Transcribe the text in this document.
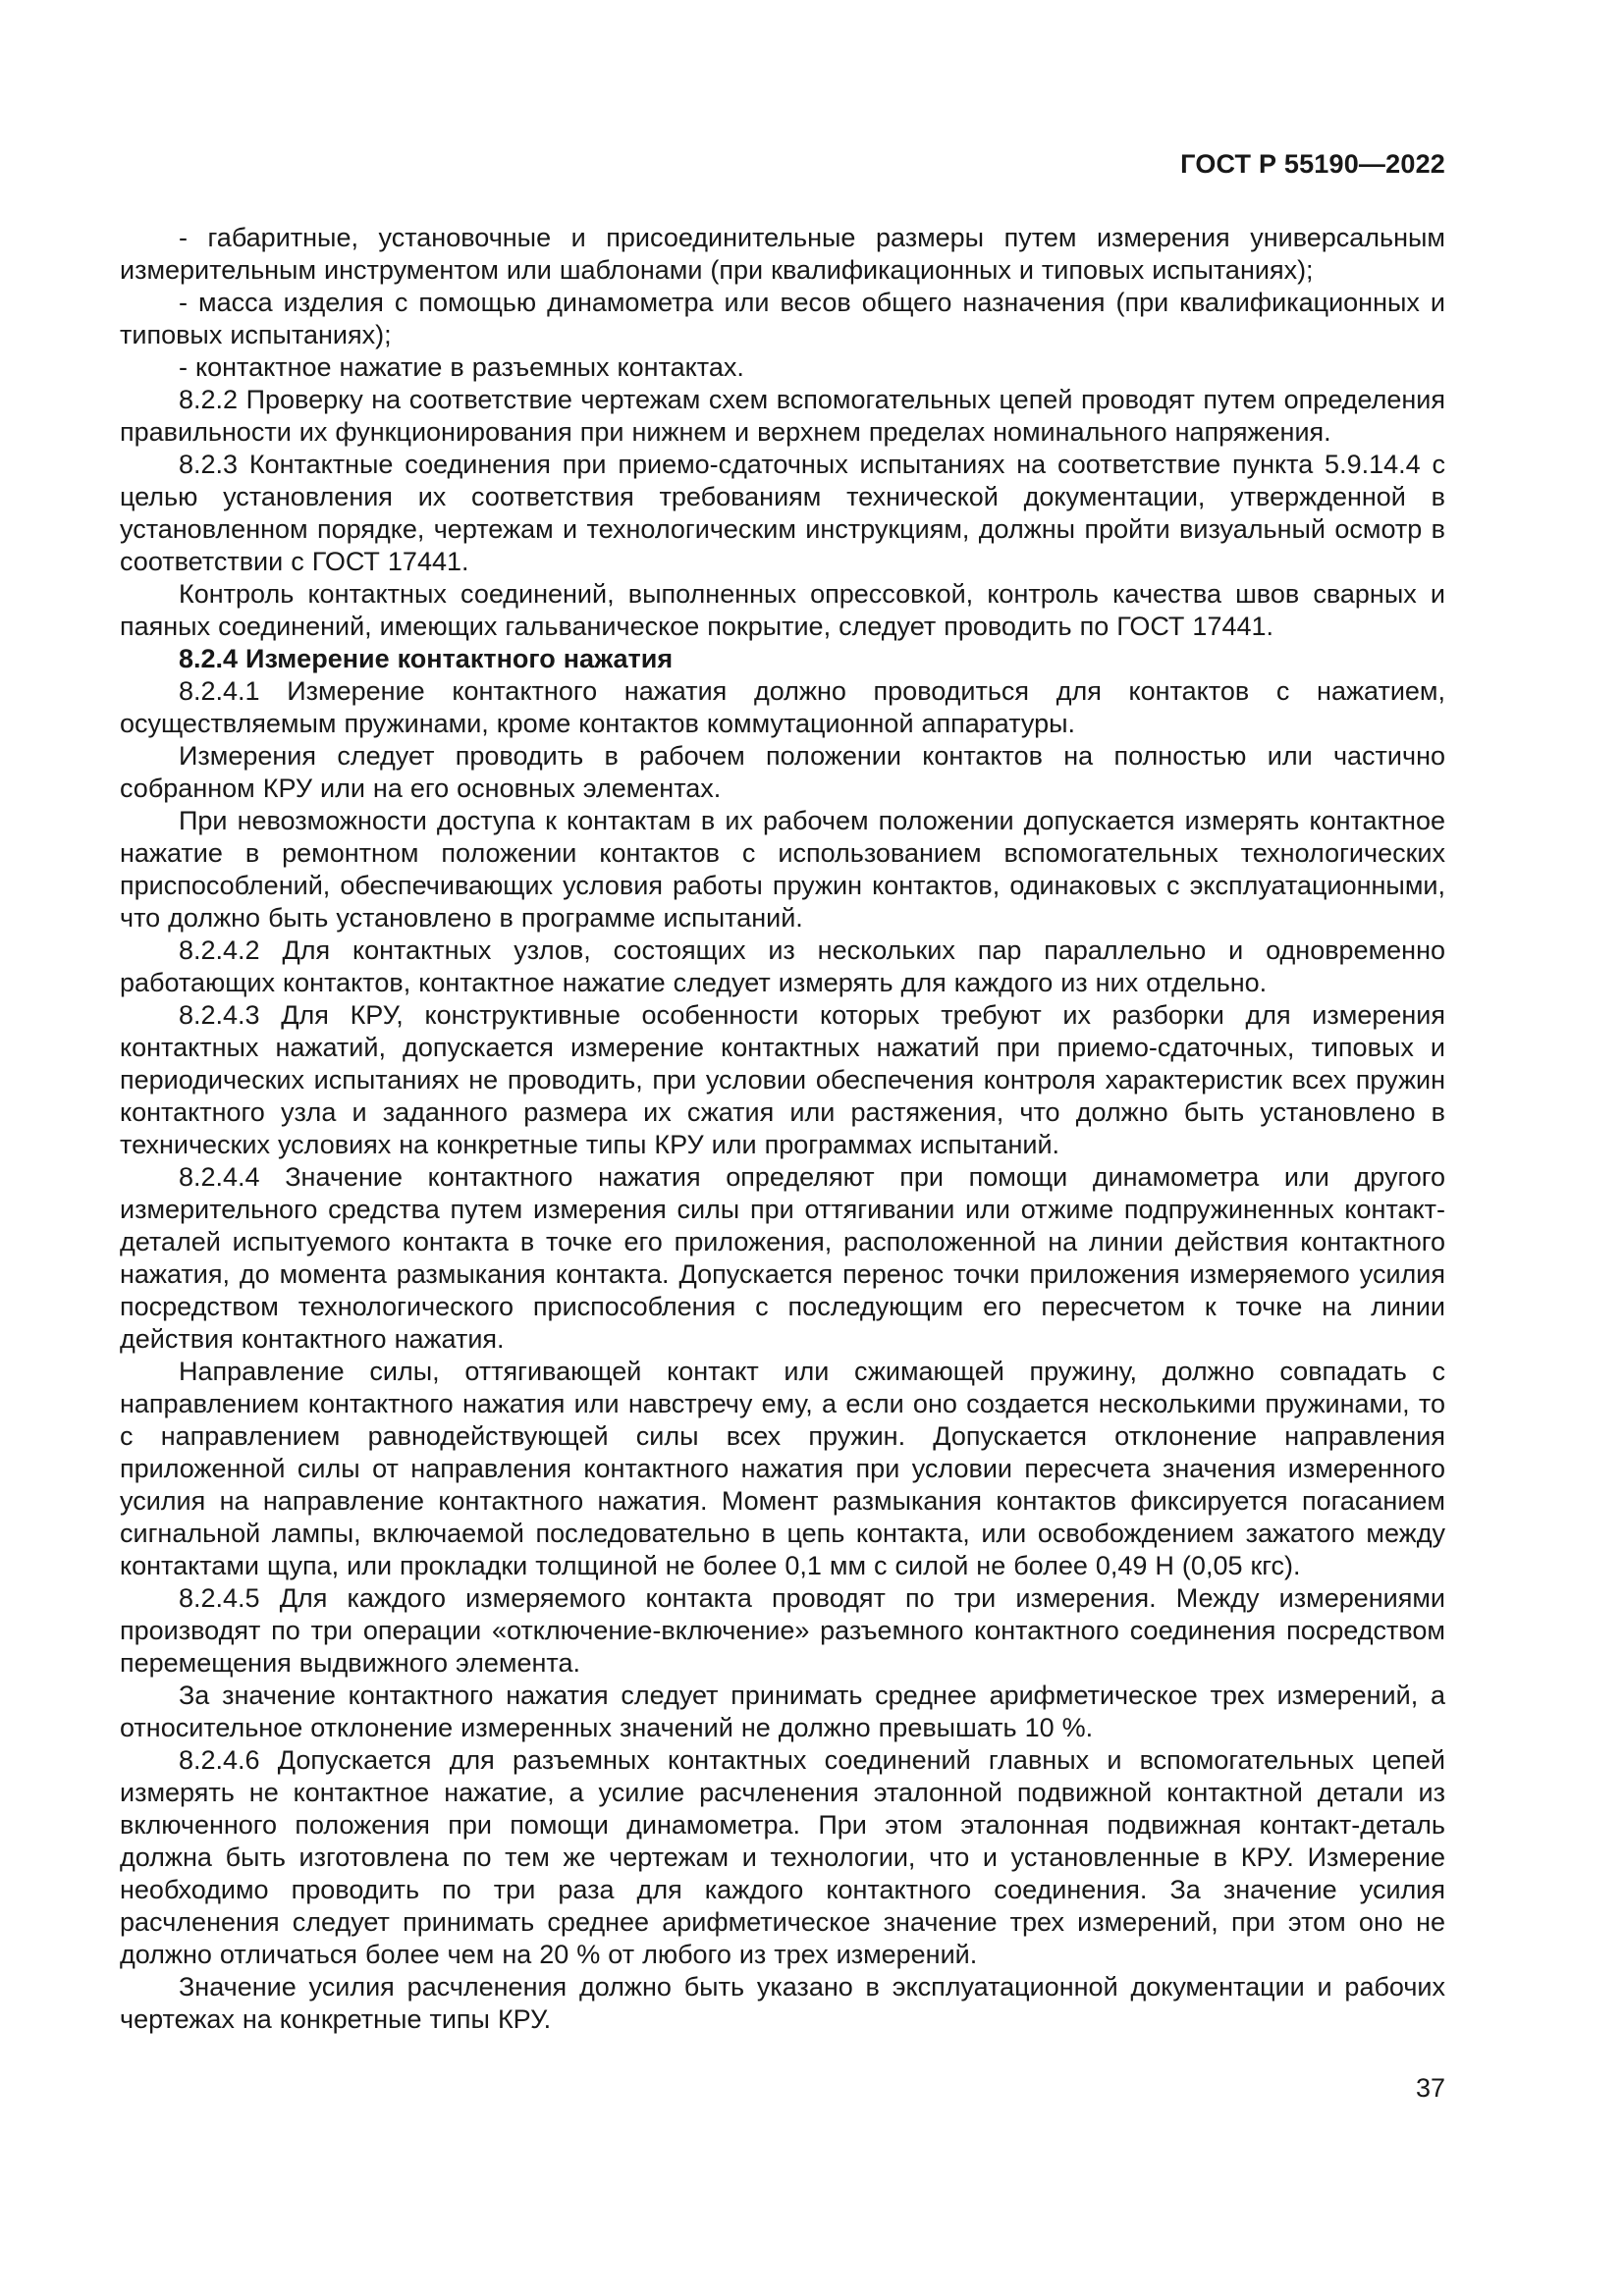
ГОСТ Р 55190—2022

- габаритные, установочные и присоединительные размеры путем измерения универсальным измерительным инструментом или шаблонами (при квалификационных и типовых испытаниях);

- масса изделия с помощью динамометра или весов общего назначения (при квалификационных и типовых испытаниях);

- контактное нажатие в разъемных контактах.

8.2.2 Проверку на соответствие чертежам схем вспомогательных цепей проводят путем определения правильности их функционирования при нижнем и верхнем пределах номинального напряжения.

8.2.3 Контактные соединения при приемо-сдаточных испытаниях на соответствие пункта 5.9.14.4 с целью установления их соответствия требованиям технической документации, утвержденной в установленном порядке, чертежам и технологическим инструкциям, должны пройти визуальный осмотр в соответствии с ГОСТ 17441.

Контроль контактных соединений, выполненных опрессовкой, контроль качества швов сварных и паяных соединений, имеющих гальваническое покрытие, следует проводить по ГОСТ 17441.

8.2.4 Измерение контактного нажатия

8.2.4.1 Измерение контактного нажатия должно проводиться для контактов с нажатием, осуществляемым пружинами, кроме контактов коммутационной аппаратуры.

Измерения следует проводить в рабочем положении контактов на полностью или частично собранном КРУ или на его основных элементах.

При невозможности доступа к контактам в их рабочем положении допускается измерять контактное нажатие в ремонтном положении контактов с использованием вспомогательных технологических приспособлений, обеспечивающих условия работы пружин контактов, одинаковых с эксплуатационными, что должно быть установлено в программе испытаний.

8.2.4.2 Для контактных узлов, состоящих из нескольких пар параллельно и одновременно работающих контактов, контактное нажатие следует измерять для каждого из них отдельно.

8.2.4.3 Для КРУ, конструктивные особенности которых требуют их разборки для измерения контактных нажатий, допускается измерение контактных нажатий при приемо-сдаточных, типовых и периодических испытаниях не проводить, при условии обеспечения контроля характеристик всех пружин контактного узла и заданного размера их сжатия или растяжения, что должно быть установлено в технических условиях на конкретные типы КРУ или программах испытаний.

8.2.4.4 Значение контактного нажатия определяют при помощи динамометра или другого измерительного средства путем измерения силы при оттягивании или отжиме подпружиненных контакт-деталей испытуемого контакта в точке его приложения, расположенной на линии действия контактного нажатия, до момента размыкания контакта. Допускается перенос точки приложения измеряемого усилия посредством технологического приспособления с последующим его пересчетом к точке на линии действия контактного нажатия.

Направление силы, оттягивающей контакт или сжимающей пружину, должно совпадать с направлением контактного нажатия или навстречу ему, а если оно создается несколькими пружинами, то с направлением равнодействующей силы всех пружин. Допускается отклонение направления приложенной силы от направления контактного нажатия при условии пересчета значения измеренного усилия на направление контактного нажатия. Момент размыкания контактов фиксируется погасанием сигнальной лампы, включаемой последовательно в цепь контакта, или освобождением зажатого между контактами щупа, или прокладки толщиной не более 0,1 мм с силой не более 0,49 Н (0,05 кгс).

8.2.4.5 Для каждого измеряемого контакта проводят по три измерения. Между измерениями производят по три операции «отключение-включение» разъемного контактного соединения посредством перемещения выдвижного элемента.

За значение контактного нажатия следует принимать среднее арифметическое трех измерений, а относительное отклонение измеренных значений не должно превышать 10 %.

8.2.4.6 Допускается для разъемных контактных соединений главных и вспомогательных цепей измерять не контактное нажатие, а усилие расчленения эталонной подвижной контактной детали из включенного положения при помощи динамометра. При этом эталонная подвижная контакт-деталь должна быть изготовлена по тем же чертежам и технологии, что и установленные в КРУ. Измерение необходимо проводить по три раза для каждого контактного соединения. За значение усилия расчленения следует принимать среднее арифметическое значение трех измерений, при этом оно не должно отличаться более чем на 20 % от любого из трех измерений.

Значение усилия расчленения должно быть указано в эксплуатационной документации и рабочих чертежах на конкретные типы КРУ.

37
